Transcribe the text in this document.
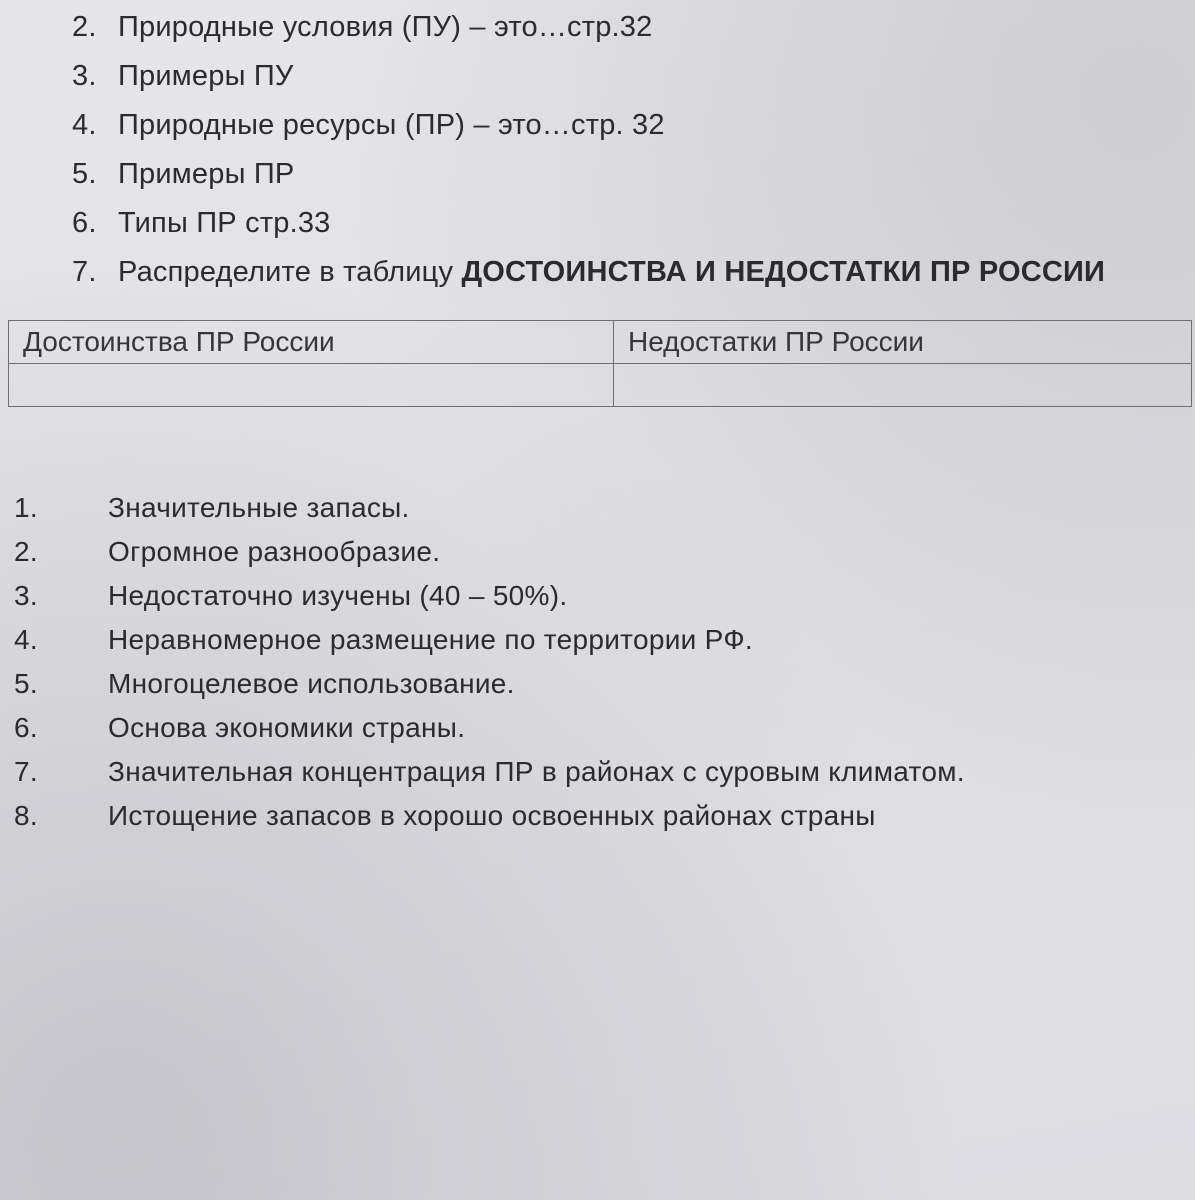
2. Природные условия (ПУ) – это…стр.32
3. Примеры ПУ
4. Природные ресурсы (ПР) – это…стр. 32
5. Примеры ПР
6. Типы ПР стр.33
7. Распределите в таблицу ДОСТОИНСТВА И НЕДОСТАТКИ ПР РОССИИ
Достоинства ПР России	Недостатки ПР России

1.	Значительные запасы.
2.	Огромное разнообразие.
3.	Недостаточно изучены (40 – 50%).
4.	Неравномерное размещение по территории РФ.
5.	Многоцелевое использование.
6.	Основа экономики страны.
7.	Значительная концентрация ПР в районах с суровым климатом.
8.	Истощение запасов в хорошо освоенных районах страны
